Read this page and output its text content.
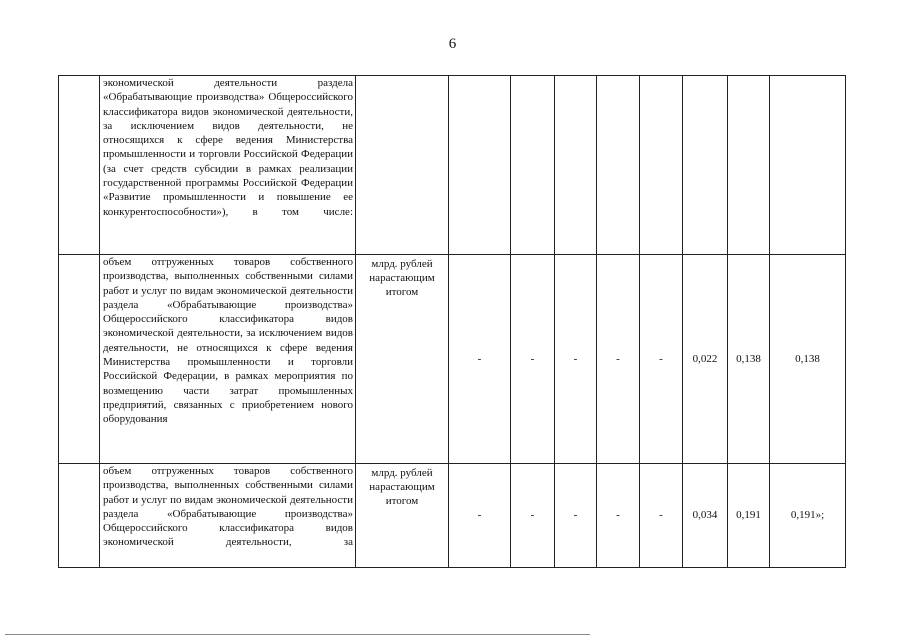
6
	экономической деятельности раздела «Обрабатывающие производства» Общероссийского классификатора видов экономической деятельности, за исключением видов деятельности, не относящихся к сфере ведения Министерства промышленности и торговли Российской Федерации (за счет средств субсидии в рамках реализации государственной программы Российской Федерации «Развитие промышленности и повышение ее конкурентоспособности»), в том числе:									
	объем отгруженных товаров собственного производства, выполненных собственными силами работ и услуг по видам экономической деятельности раздела «Обрабатывающие производства» Общероссийского классификатора видов экономической деятельности, за исключением видов деятельности, не относящихся к сфере ведения Министерства промышленности и торговли Российской Федерации, в рамках мероприятия по возмещению части затрат промышленных предприятий, связанных с приобретением нового оборудования	млрд. рублей нарастающим итогом	-	-	-	-	-	0,022	0,138	0,138
	объем отгруженных товаров собственного производства, выполненных собственными силами работ и услуг по видам экономической деятельности раздела «Обрабатывающие производства» Общероссийского классификатора видов экономической деятельности, за	млрд. рублей нарастающим итогом	-	-	-	-	-	0,034	0,191	0,191»;
